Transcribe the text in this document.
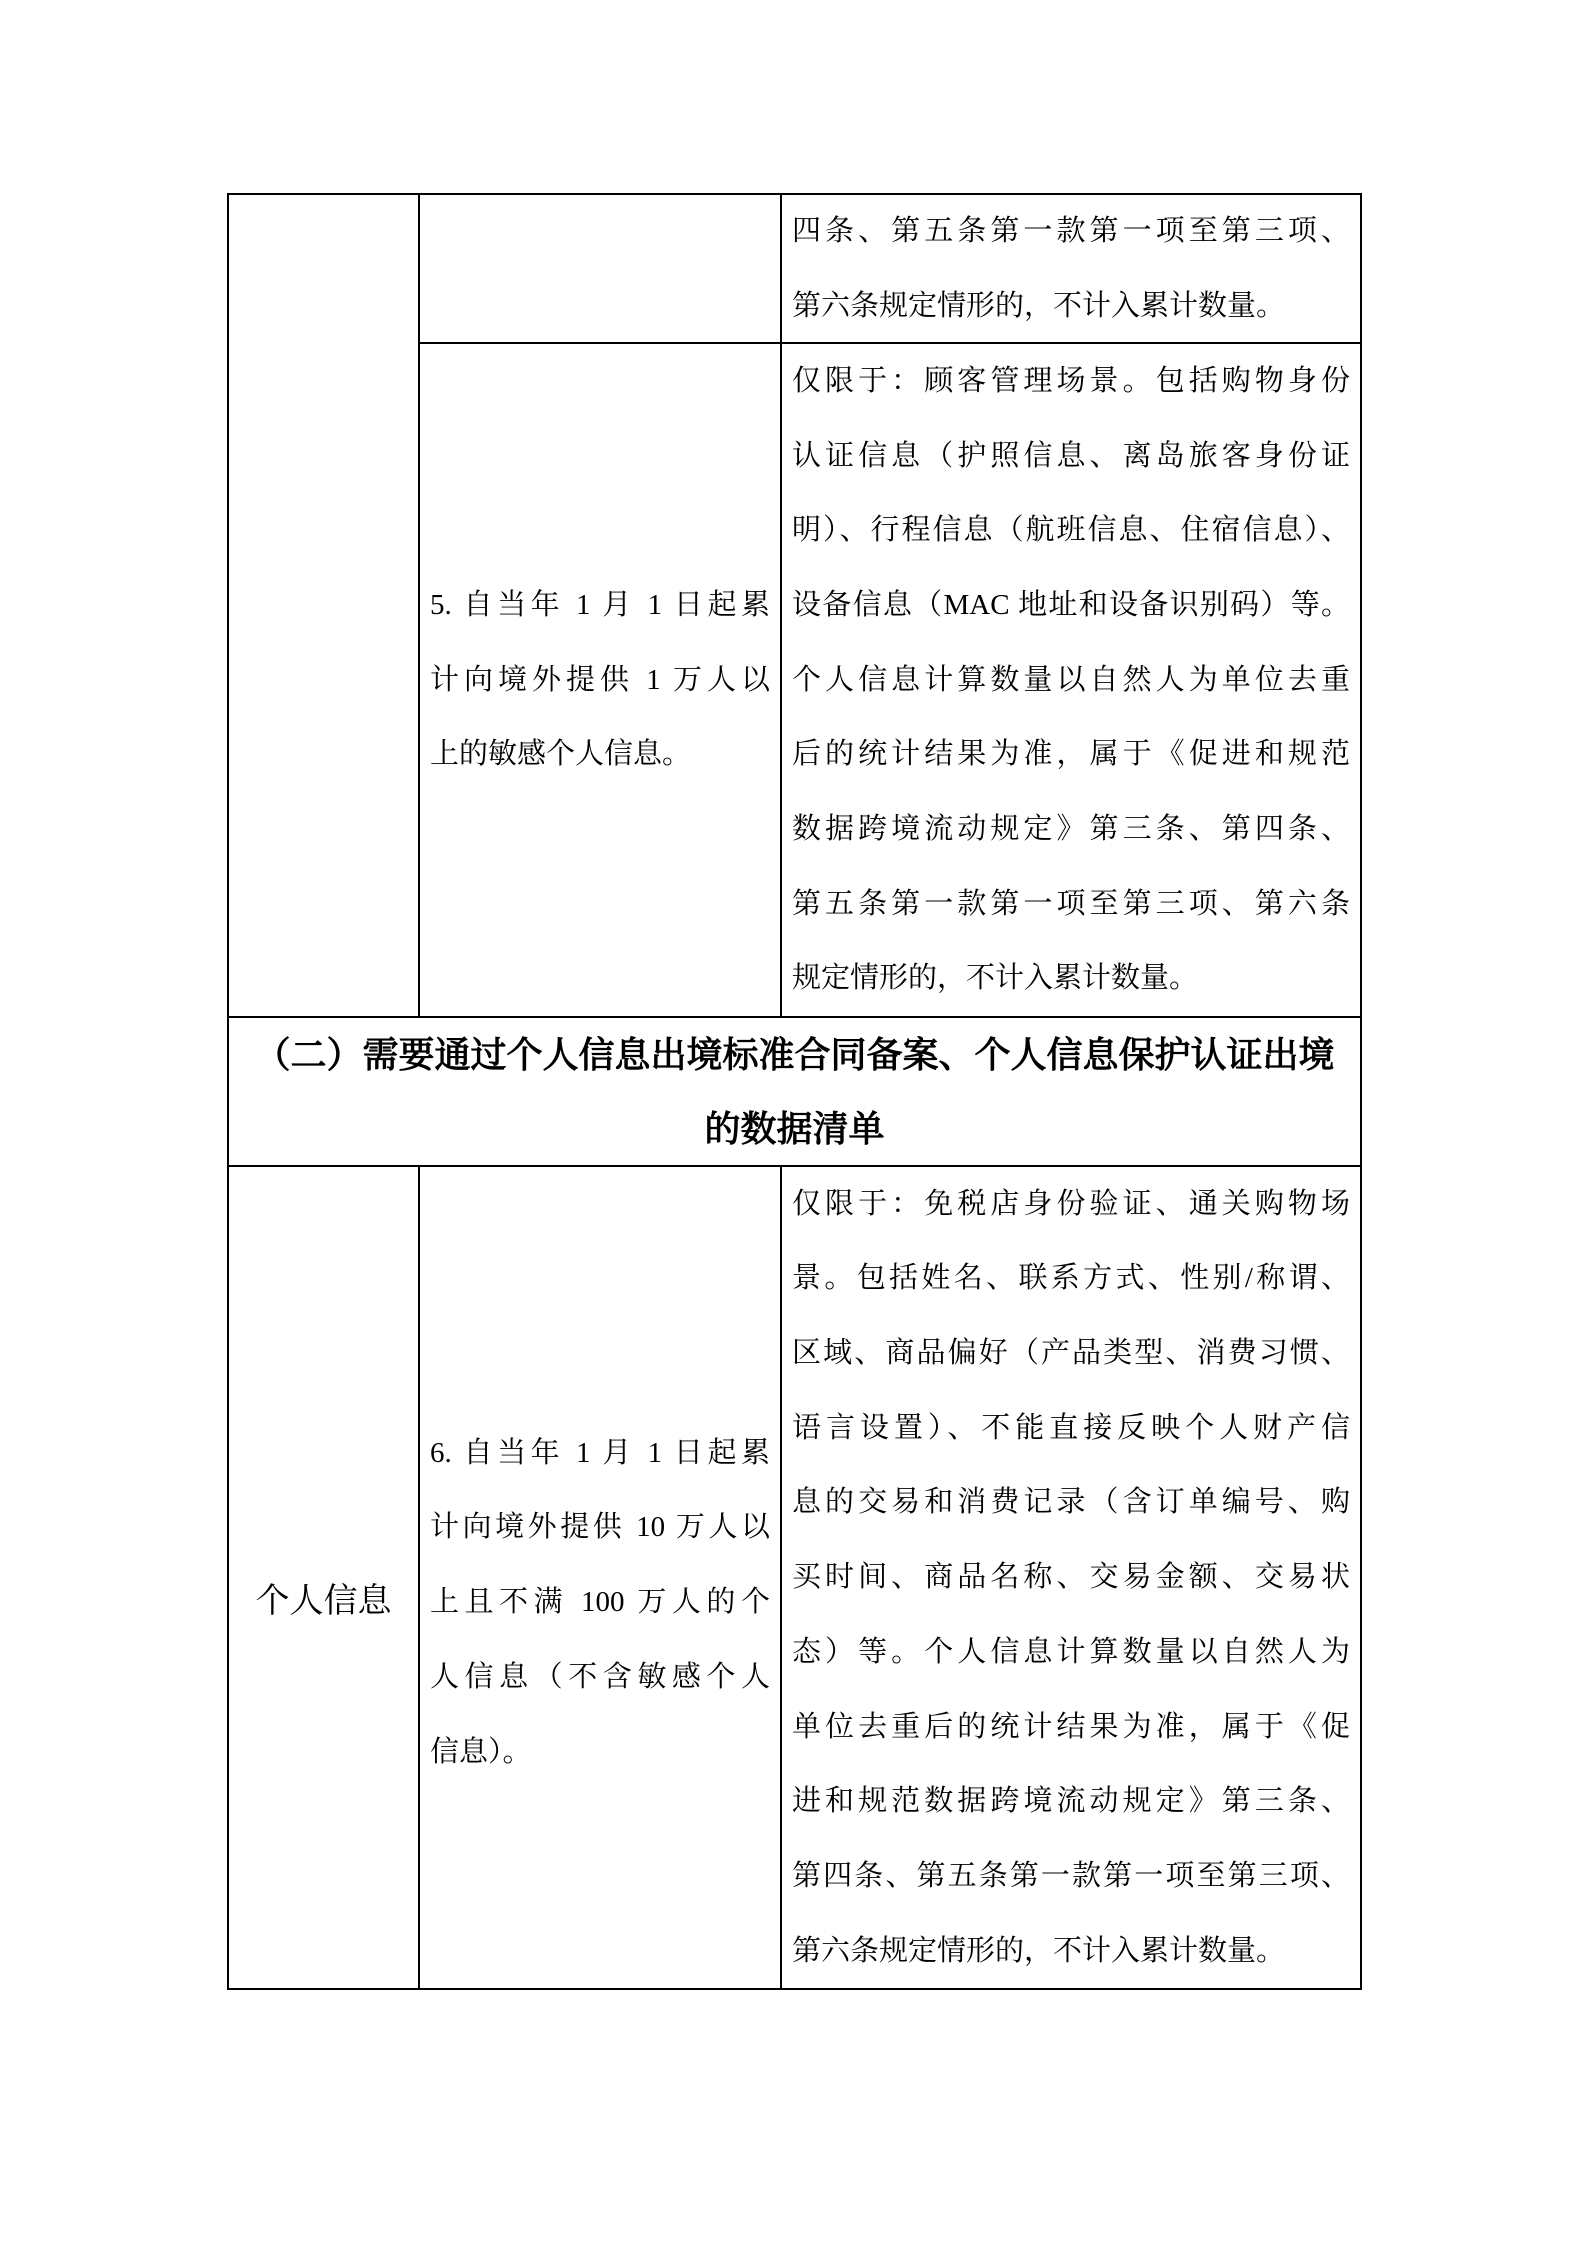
四条、第五条第一款第一项至第三项、
第六条规定情形的，不计入累计数量。
5. 自当年 1 月 1 日起累
计向境外提供 1 万人以
上的敏感个人信息。
仅限于：顾客管理场景。包括购物身份
认证信息（护照信息、离岛旅客身份证
明）、行程信息（航班信息、住宿信息）、
设备信息（MAC 地址和设备识别码）等。
个人信息计算数量以自然人为单位去重
后的统计结果为准，属于《促进和规范
数据跨境流动规定》第三条、第四条、
第五条第一款第一项至第三项、第六条
规定情形的，不计入累计数量。
（二）需要通过个人信息出境标准合同备案、个人信息保护认证出境
的数据清单
个人信息
6. 自当年 1 月 1 日起累
计向境外提供 10 万人以
上且不满 100 万人的个
人信息（不含敏感个人
信息）。
仅限于：免税店身份验证、通关购物场
景。包括姓名、联系方式、性别/称谓、
区域、商品偏好（产品类型、消费习惯、
语言设置）、不能直接反映个人财产信
息的交易和消费记录（含订单编号、购
买时间、商品名称、交易金额、交易状
态）等。个人信息计算数量以自然人为
单位去重后的统计结果为准，属于《促
进和规范数据跨境流动规定》第三条、
第四条、第五条第一款第一项至第三项、
第六条规定情形的，不计入累计数量。
